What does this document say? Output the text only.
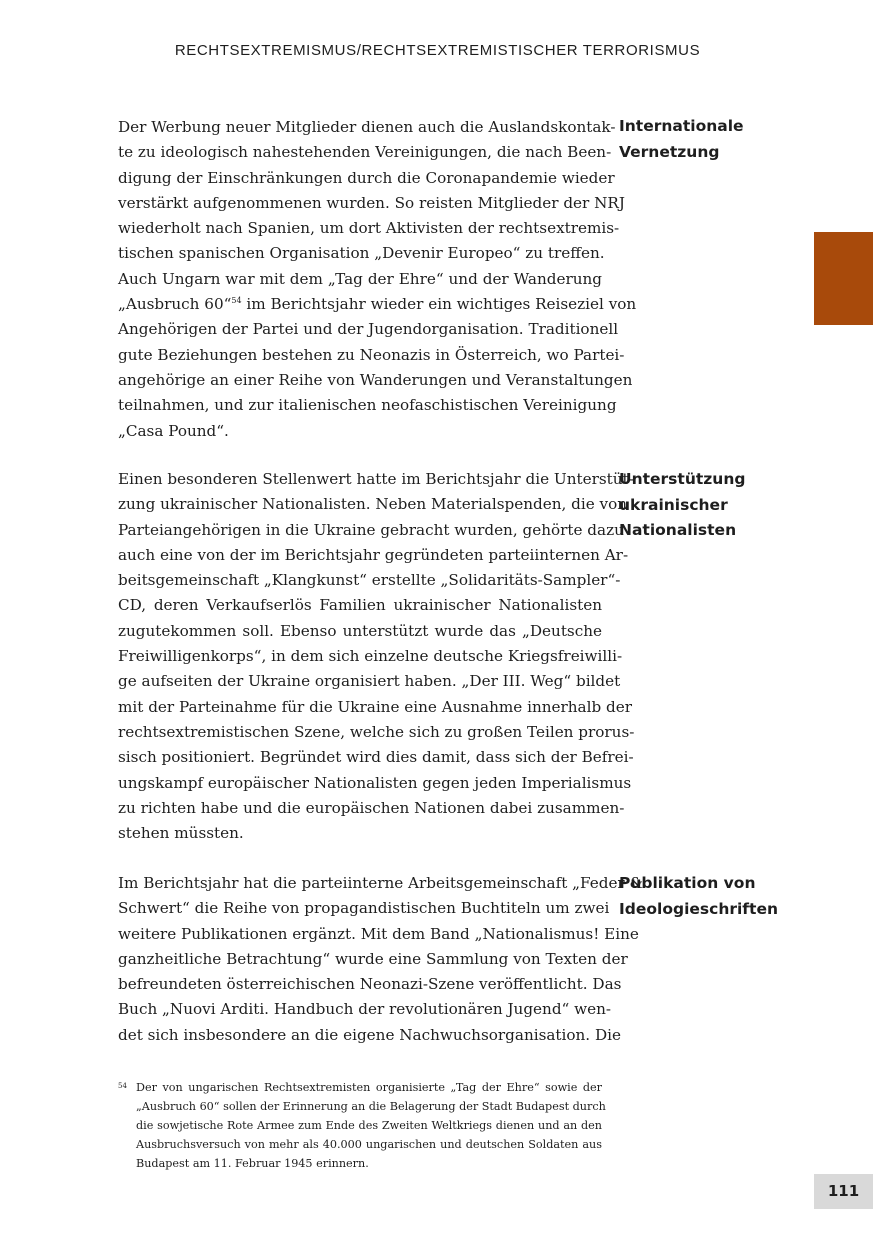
RECHTSEXTREMISMUS/RECHTSEXTREMISTISCHER TERRORISMUS
Der Werbung neuer Mitglieder dienen auch die Auslandskontak-
te zu ideologisch nahestehenden Vereinigungen, die nach Been-
digung der Einschränkungen durch die Coronapandemie wieder
verstärkt aufgenommenen wurden. So reisten Mitglieder der NRJ
wiederholt nach Spanien, um dort Aktivisten der rechtsextremis-
tischen spanischen Organisation „Devenir Europeo“ zu treffen.
Auch Ungarn war mit dem „Tag der Ehre“ und der Wanderung
„Ausbruch 60“$^{54}$ im Berichtsjahr wieder ein wichtiges Reiseziel von
Angehörigen der Partei und der Jugendorganisation. Traditionell
gute Beziehungen bestehen zu Neonazis in Österreich, wo Partei-
angehörige an einer Reihe von Wanderungen und Veranstaltungen
teilnahmen, und zur italienischen neofaschistischen Vereinigung
„Casa Pound“.
Internationale Vernetzung
Einen besonderen Stellenwert hatte im Berichtsjahr die Unterstüt-
zung ukrainischer Nationalisten. Neben Materialspenden, die von
Parteiangehörigen in die Ukraine gebracht wurden, gehörte dazu
auch eine von der im Berichtsjahr gegründeten parteiinternen Ar-
beitsgemeinschaft „Klangkunst“ erstellte „Solidaritäts-Sampler“-
CD, deren Verkaufserlös Familien ukrainischer Nationalisten
zugutekommen soll. Ebenso unterstützt wurde das „Deutsche
Freiwilligenkorps“, in dem sich einzelne deutsche Kriegsfreiwilli-
ge aufseiten der Ukraine organisiert haben. „Der III. Weg“ bildet
mit der Parteinahme für die Ukraine eine Ausnahme innerhalb der
rechtsextremistischen Szene, welche sich zu großen Teilen prorus-
sisch positioniert. Begründet wird dies damit, dass sich der Befrei-
ungskampf europäischer Nationalisten gegen jeden Imperialismus
zu richten habe und die europäischen Nationen dabei zusammen-
stehen müssten.
Unterstützung ukrainischer Nationalisten
Im Berichtsjahr hat die parteiinterne Arbeitsgemeinschaft „Feder &
Schwert“ die Reihe von propagandistischen Buchtiteln um zwei
weitere Publikationen ergänzt. Mit dem Band „Nationalismus! Eine
ganzheitliche Betrachtung“ wurde eine Sammlung von Texten der
befreundeten österreichischen Neonazi-Szene veröffentlicht. Das
Buch „Nuovi Arditi. Handbuch der revolutionären Jugend“ wen-
det sich insbesondere an die eigene Nachwuchsorganisation. Die
Publikation von Ideologieschriften
54 Der von ungarischen Rechtsextremisten organisierte „Tag der Ehre“ sowie der
„Ausbruch 60“ sollen der Erinnerung an die Belagerung der Stadt Budapest durch
die sowjetische Rote Armee zum Ende des Zweiten Weltkriegs dienen und an den
Ausbruchsversuch von mehr als 40.000 ungarischen und deutschen Soldaten aus
Budapest am 11. Februar 1945 erinnern.
111
